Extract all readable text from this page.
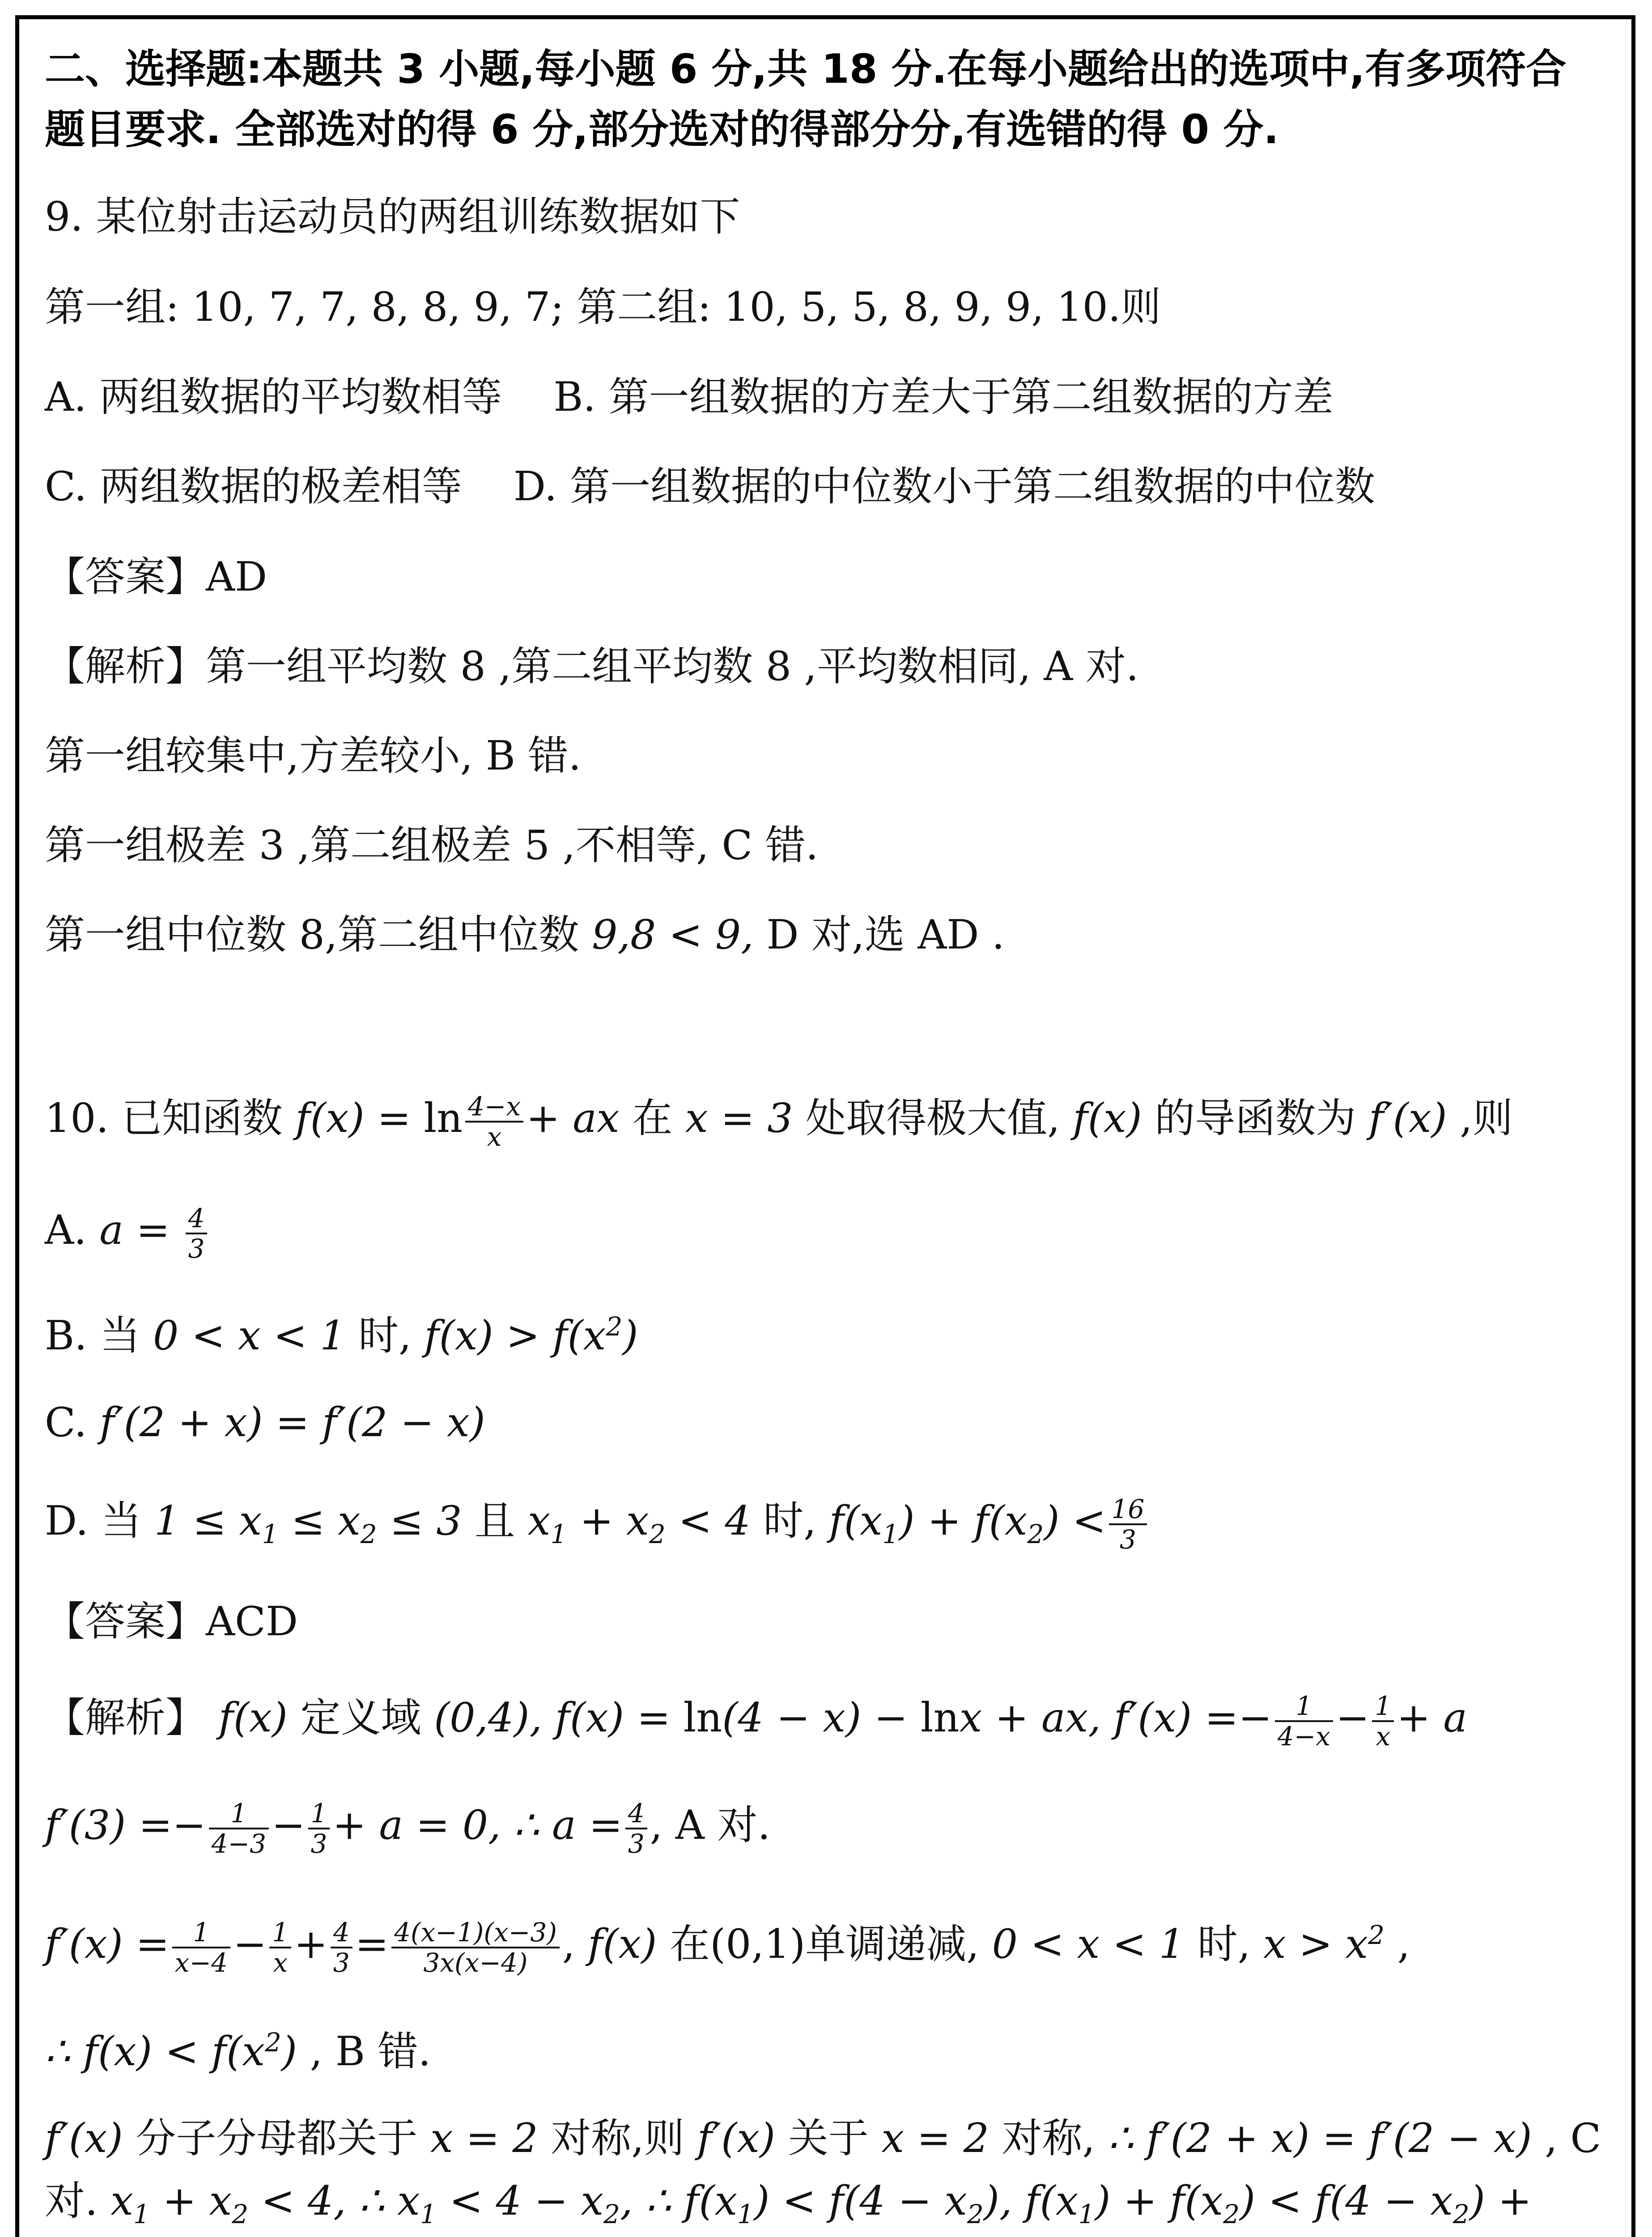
二、选择题:本题共 3 小题,每小题 6 分,共 18 分.在每小题给出的选项中,有多项符合

题目要求. 全部选对的得 6 分,部分选对的得部分分,有选错的得 0 分.

9. 某位射击运动员的两组训练数据如下

第一组: 10, 7, 7, 8, 8, 9, 7; 第二组: 10, 5, 5, 8, 9, 9, 10.则

A. 两组数据的平均数相等 B. 第一组数据的方差大于第二组数据的方差

C. 两组数据的极差相等 D. 第一组数据的中位数小于第二组数据的中位数

【答案】AD

【解析】第一组平均数 8 ,第二组平均数 8 ,平均数相同, A 对.

第一组较集中,方差较小, B 错.

第一组极差 3 ,第二组极差 5 ,不相等, C 错.

第一组中位数 8,第二组中位数 9,8 < 9, D 对,选 AD .

10. 已知函数 $f(x) = \ln \frac{4-x}{x}$ + ax 在 x = 3 处取得极大值, f(x) 的导函数为 f′(x) ,则

A. $a = \frac{4}{3}$

B. 当 0 < x < 1 时, $f(x) > f(x^2)$

C. f′(2 + x) = f′(2 − x)

D. 当 $1 \le x_1 \le x_2 \le 3$ 且 $x_1 + x_2 < 4$ 时, $f(x_1) + f(x_2) < \frac{16}{3}$

【答案】ACD

【解析】 f(x) 定义域 (0,4), f(x) = ln(4 − x) − lnx + ax, $f'(x) =- \frac{1}{4-x} - \frac{1}{x} + a$

$f'(3) =- \frac{1}{4-3} - \frac{1}{3} + a = 0$, ∴ $a = \frac{4}{3}$ , A 对.

$f'(x) = \frac{1}{x-4} - \frac{1}{x} + \frac{4}{3} = \frac{4(x-1)(x-3)}{3x(x-4)}$ , f(x) 在(0,1)单调递减, 0 < x < 1 时, $x > x^2$ ,

∴ $f(x) < f(x^2)$ , B 错.

f′(x) 分子分母都关于 x = 2 对称,则 f′(x) 关于 x = 2 对称, ∴ f′(2 + x) = f′(2 − x) , C

对. $x_1 + x_2 < 4$, ∴ $x_1 < 4 - x_2$, ∴ $f(x_1) < f(4 - x_2)$, $f(x_1) + f(x_2) < f(4 - x_2)$ +
